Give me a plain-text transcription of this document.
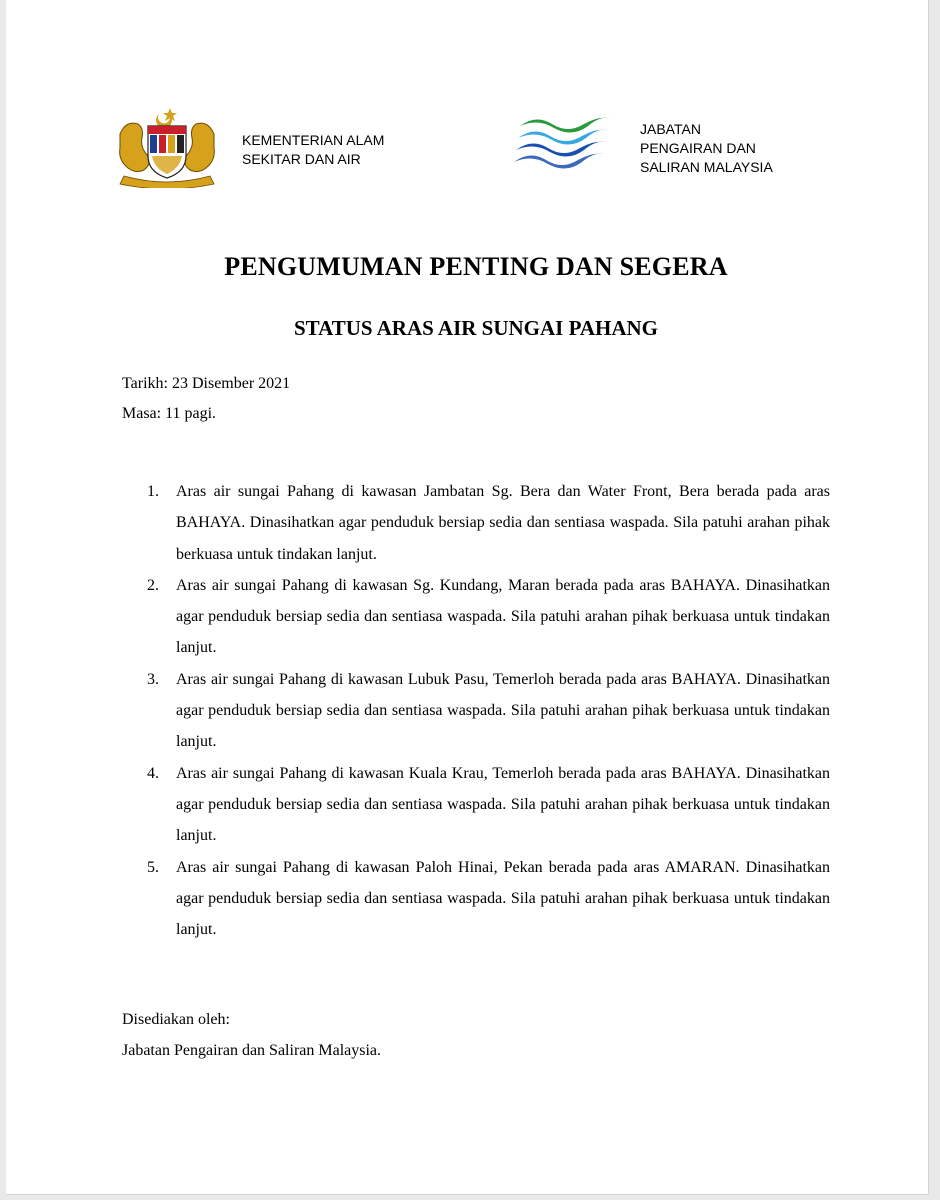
KEMENTERIAN ALAM
SEKITAR DAN AIR
JABATAN
PENGAIRAN DAN
SALIRAN MALAYSIA
PENGUMUMAN PENTING DAN SEGERA
STATUS ARAS AIR SUNGAI PAHANG
Tarikh: 23 Disember 2021
Masa: 11 pagi.
1. Aras air sungai Pahang di kawasan Jambatan Sg. Bera dan Water Front, Bera berada pada aras BAHAYA. Dinasihatkan agar penduduk bersiap sedia dan sentiasa waspada. Sila patuhi arahan pihak berkuasa untuk tindakan lanjut.
2. Aras air sungai Pahang di kawasan Sg. Kundang, Maran berada pada aras BAHAYA. Dinasihatkan agar penduduk bersiap sedia dan sentiasa waspada. Sila patuhi arahan pihak berkuasa untuk tindakan lanjut.
3. Aras air sungai Pahang di kawasan Lubuk Pasu, Temerloh berada pada aras BAHAYA. Dinasihatkan agar penduduk bersiap sedia dan sentiasa waspada. Sila patuhi arahan pihak berkuasa untuk tindakan lanjut.
4. Aras air sungai Pahang di kawasan Kuala Krau, Temerloh berada pada aras BAHAYA. Dinasihatkan agar penduduk bersiap sedia dan sentiasa waspada. Sila patuhi arahan pihak berkuasa untuk tindakan lanjut.
5. Aras air sungai Pahang di kawasan Paloh Hinai, Pekan berada pada aras AMARAN. Dinasihatkan agar penduduk bersiap sedia dan sentiasa waspada. Sila patuhi arahan pihak berkuasa untuk tindakan lanjut.
Disediakan oleh:
Jabatan Pengairan dan Saliran Malaysia.
